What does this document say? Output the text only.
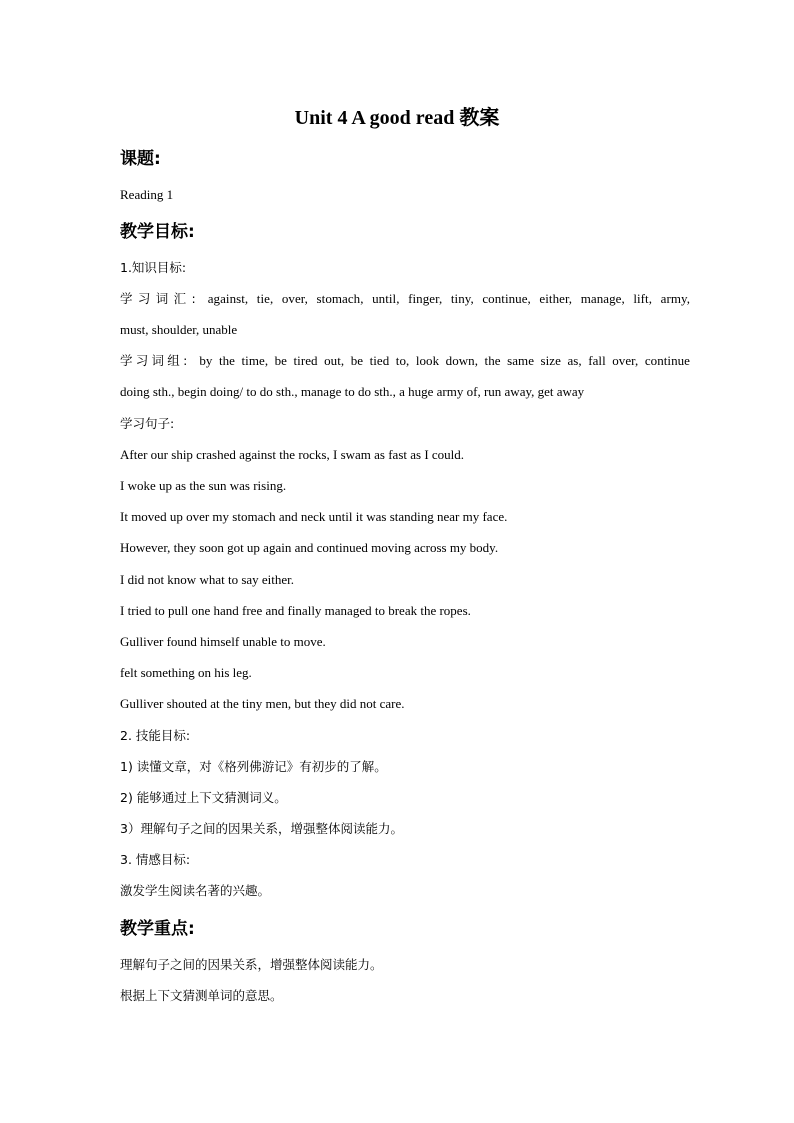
Unit 4 A good read 教案
课题:
Reading 1
教学目标:
1.知识目标:
学习词汇: against, tie, over, stomach, until, finger, tiny, continue, either, manage, lift, army,
must, shoulder, unable
学习词组: by the time, be tired out, be tied to, look down, the same size as, fall over, continue
doing sth., begin doing/ to do sth., manage to do sth., a huge army of, run away, get away
学习句子:
After our ship crashed against the rocks, I swam as fast as I could.
I woke up as the sun was rising.
It moved up over my stomach and neck until it was standing near my face.
However, they soon got up again and continued moving across my body.
I did not know what to say either.
I tried to pull one hand free and finally managed to break the ropes.
Gulliver found himself unable to move.
felt something on his leg.
Gulliver shouted at the tiny men, but they did not care.
2. 技能目标:
1) 读懂文章，对《格列佛游记》有初步的了解。
2) 能够通过上下文猜测词义。
3）理解句子之间的因果关系，增强整体阅读能力。
3. 情感目标:
激发学生阅读名著的兴趣。
教学重点:
理解句子之间的因果关系，增强整体阅读能力。
根据上下文猜测单词的意思。
